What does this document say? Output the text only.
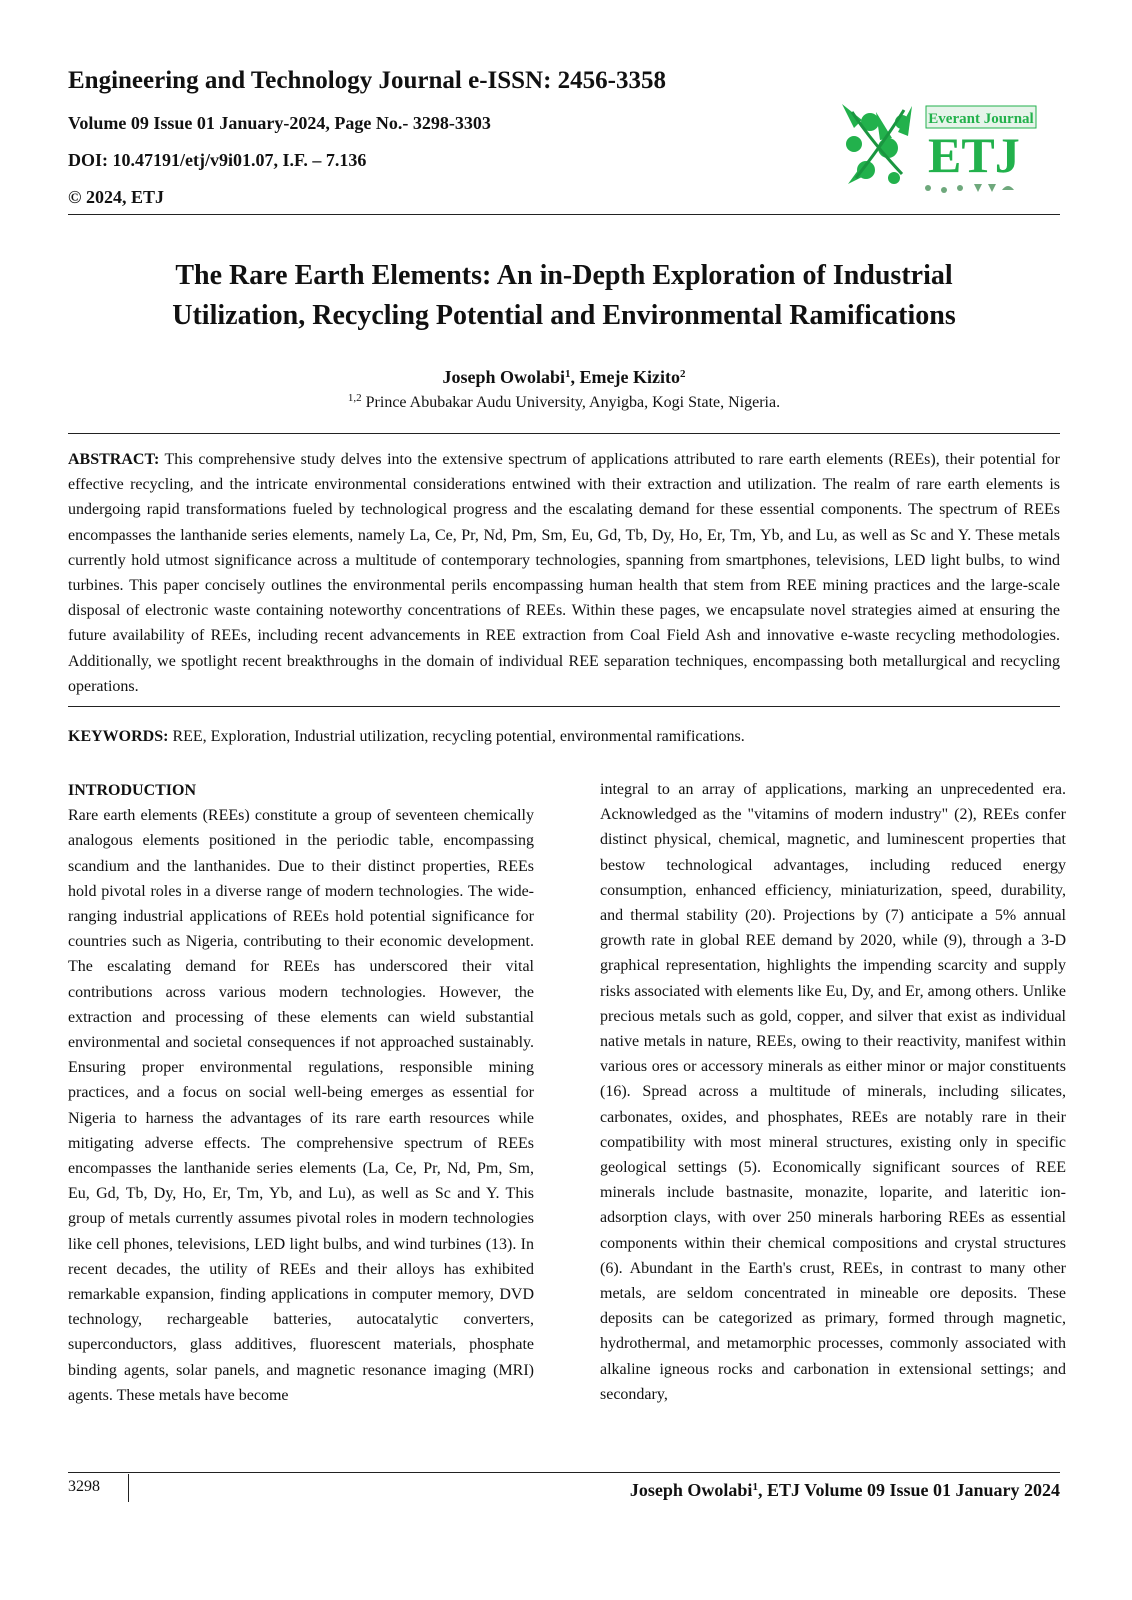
Engineering and Technology Journal e-ISSN: 2456-3358
Volume 09 Issue 01 January-2024, Page No.- 3298-3303
DOI: 10.47191/etj/v9i01.07, I.F. – 7.136
© 2024, ETJ
Everant Journal
ETJ
The Rare Earth Elements: An in-Depth Exploration of Industrial
Utilization, Recycling Potential and Environmental Ramifications
Joseph Owolabi$^1$, Emeje Kizito$^2$
$^{1,2}$ Prince Abubakar Audu University, Anyigba, Kogi State, Nigeria.
ABSTRACT: This comprehensive study delves into the extensive spectrum of applications attributed to rare earth elements (REEs), their potential for effective recycling, and the intricate environmental considerations entwined with their extraction and utilization. The realm of rare earth elements is undergoing rapid transformations fueled by technological progress and the escalating demand for these essential components. The spectrum of REEs encompasses the lanthanide series elements, namely La, Ce, Pr, Nd, Pm, Sm, Eu, Gd, Tb, Dy, Ho, Er, Tm, Yb, and Lu, as well as Sc and Y. These metals currently hold utmost significance across a multitude of contemporary technologies, spanning from smartphones, televisions, LED light bulbs, to wind turbines. This paper concisely outlines the environmental perils encompassing human health that stem from REE mining practices and the large-scale disposal of electronic waste containing noteworthy concentrations of REEs. Within these pages, we encapsulate novel strategies aimed at ensuring the future availability of REEs, including recent advancements in REE extraction from Coal Field Ash and innovative e-waste recycling methodologies. Additionally, we spotlight recent breakthroughs in the domain of individual REE separation techniques, encompassing both metallurgical and recycling operations.
KEYWORDS: REE, Exploration, Industrial utilization, recycling potential, environmental ramifications.
INTRODUCTION
Rare earth elements (REEs) constitute a group of seventeen chemically analogous elements positioned in the periodic table, encompassing scandium and the lanthanides. Due to their distinct properties, REEs hold pivotal roles in a diverse range of modern technologies. The wide-ranging industrial applications of REEs hold potential significance for countries such as Nigeria, contributing to their economic development. The escalating demand for REEs has underscored their vital contributions across various modern technologies. However, the extraction and processing of these elements can wield substantial environmental and societal consequences if not approached sustainably. Ensuring proper environmental regulations, responsible mining practices, and a focus on social well-being emerges as essential for Nigeria to harness the advantages of its rare earth resources while mitigating adverse effects. The comprehensive spectrum of REEs encompasses the lanthanide series elements (La, Ce, Pr, Nd, Pm, Sm, Eu, Gd, Tb, Dy, Ho, Er, Tm, Yb, and Lu), as well as Sc and Y. This group of metals currently assumes pivotal roles in modern technologies like cell phones, televisions, LED light bulbs, and wind turbines (13). In recent decades, the utility of REEs and their alloys has exhibited remarkable expansion, finding applications in computer memory, DVD technology, rechargeable batteries, autocatalytic converters, superconductors, glass additives, fluorescent materials, phosphate binding agents, solar panels, and magnetic resonance imaging (MRI) agents. These metals have become
integral to an array of applications, marking an unprecedented era. Acknowledged as the "vitamins of modern industry" (2), REEs confer distinct physical, chemical, magnetic, and luminescent properties that bestow technological advantages, including reduced energy consumption, enhanced efficiency, miniaturization, speed, durability, and thermal stability (20). Projections by (7) anticipate a 5% annual growth rate in global REE demand by 2020, while (9), through a 3-D graphical representation, highlights the impending scarcity and supply risks associated with elements like Eu, Dy, and Er, among others. Unlike precious metals such as gold, copper, and silver that exist as individual native metals in nature, REEs, owing to their reactivity, manifest within various ores or accessory minerals as either minor or major constituents (16). Spread across a multitude of minerals, including silicates, carbonates, oxides, and phosphates, REEs are notably rare in their compatibility with most mineral structures, existing only in specific geological settings (5). Economically significant sources of REE minerals include bastnasite, monazite, loparite, and lateritic ion-adsorption clays, with over 250 minerals harboring REEs as essential components within their chemical compositions and crystal structures (6). Abundant in the Earth's crust, REEs, in contrast to many other metals, are seldom concentrated in mineable ore deposits. These deposits can be categorized as primary, formed through magnetic, hydrothermal, and metamorphic processes, commonly associated with alkaline igneous rocks and carbonation in extensional settings; and secondary,
3298	Joseph Owolabi$^1$, ETJ Volume 09 Issue 01 January 2024
